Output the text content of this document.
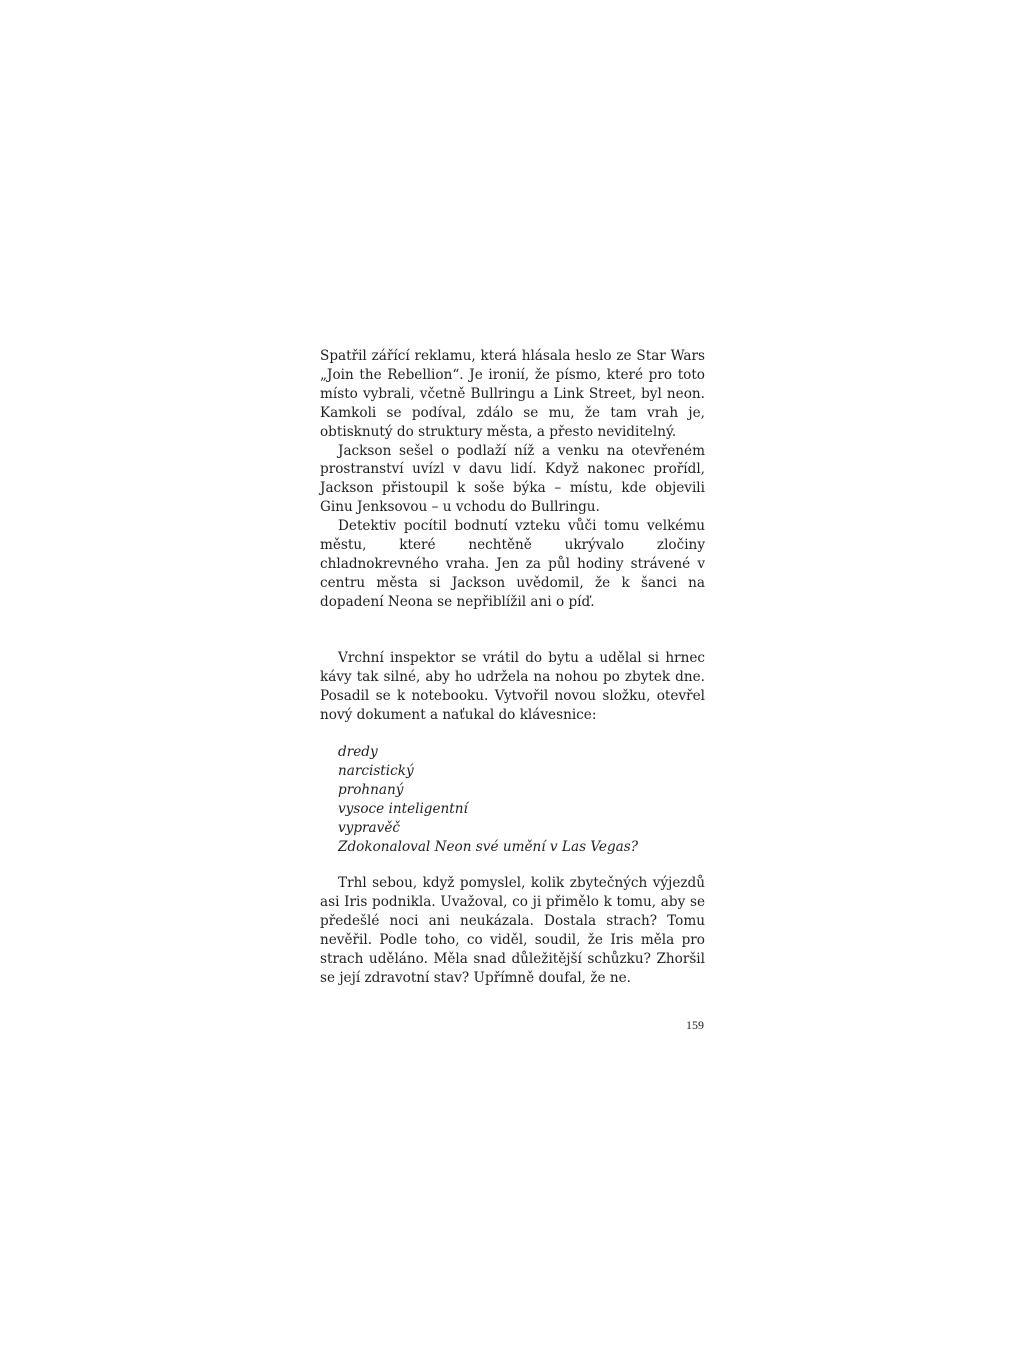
Spatřil zářící reklamu, která hlásala heslo ze Star Wars „Join the Rebellion“. Je ironií, že písmo, které pro toto místo vybrali, včetně Bullringu a Link Street, byl neon. Kamkoli se podíval, zdálo se mu, že tam vrah je, obtisknutý do struktury města, a přesto neviditelný.

Jackson sešel o podlaží níž a venku na otevřeném prostranství uvízl v davu lidí. Když nakonec prořídl, Jackson přistoupil k soše býka – místu, kde objevili Ginu Jenksovou – u vchodu do Bullringu.

Detektiv pocítil bodnutí vzteku vůči tomu velkému městu, které nechtěně ukrývalo zločiny chladnokrevného vraha. Jen za půl hodiny strávené v centru města si Jackson uvědomil, že k šanci na dopadení Neona se nepřiblížil ani o píď.

Vrchní inspektor se vrátil do bytu a udělal si hrnec kávy tak silné, aby ho udržela na nohou po zbytek dne. Posadil se k notebooku. Vytvořil novou složku, otevřel nový dokument a naťukal do klávesnice:

dredy
narcistický
prohnaný
vysoce inteligentní
vypravěč
Zdokonaloval Neon své umění v Las Vegas?

Trhl sebou, když pomyslel, kolik zbytečných výjezdů asi Iris podnikla. Uvažoval, co ji přimělo k tomu, aby se předešlé noci ani neukázala. Dostala strach? Tomu nevěřil. Podle toho, co viděl, soudil, že Iris měla pro strach uděláno. Měla snad důležitější schůzku? Zhoršil se její zdravotní stav? Upřímně doufal, že ne.

159
